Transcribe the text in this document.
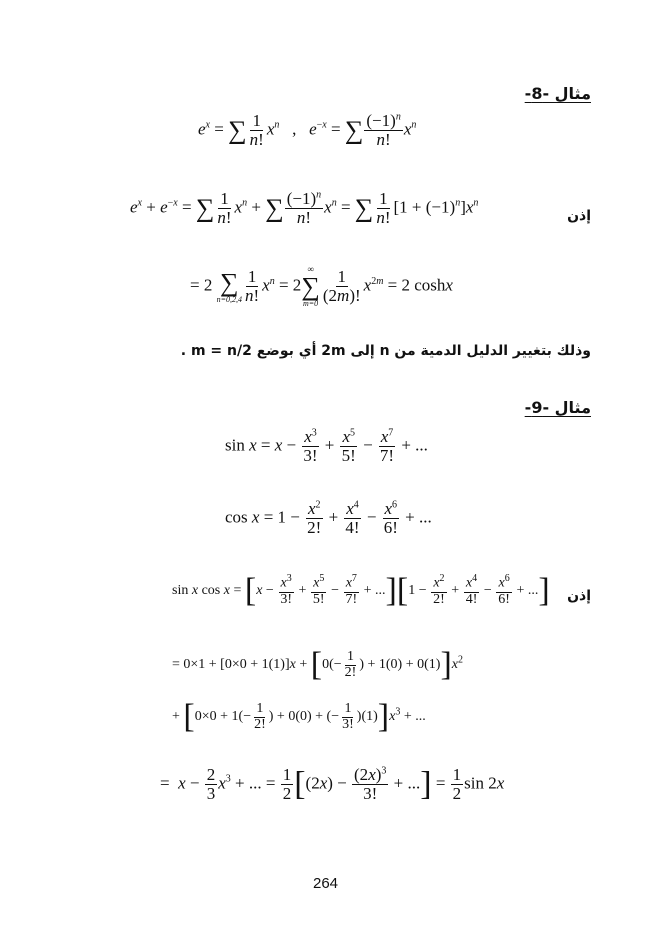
مثال -8-
$e^x$ = ∑ $\frac{1}{n!} x^n$   ,   $e^{-x}$ = ∑ $\frac{(-1)^n}{n!} x^n$
$e^x + e^{-x}$ = ∑ $\frac{1}{n!} x^n$ + ∑ $\frac{(-1)^n}{n!} x^n$ = ∑ $\frac{1}{n!} [1 + (-1)^n]x^n$
إذن
= 2 ∑
$n=0,2,4 \frac{1}{n!} x^n = 2$
∞
∑
$m=0 \frac{1}{(2m)!} x^{2m} = 2$ coshx
وذلك بتغيير الدليل الدمية من n إلى 2m أي بوضع m = n/2 .
مثال -9-
$\sin x = x - \frac{x^3}{3!} + \frac{x^5}{5!} - \frac{x^7}{7!}$ + ...
$\cos x = 1 - \frac{x^2}{2!} + \frac{x^4}{4!} - \frac{x^6}{6!}$ + ...
sin x $\cos x = [x - \frac{x^3}{3!} + \frac{x^5}{5!} - \frac{x^7}{7!} + ...][1 - \frac{x^2}{2!} + \frac{x^4}{4!} - \frac{x^6}{6!}$ + ...] إذن
= $0\times 1 + [0\times 0 + 1(1)]x + [0(- \frac{1}{2!}$ ) + $1(0) + 0(1)]x^2$
+ [$0\times 0 + 1(- \frac{1}{2!}$ ) + 0(0) + (− $\frac{1}{3!} )(1)]x^3$ + ...
=  $x - \frac{2}{3} x^3$ + ... = $\frac{1}{2} [(2x) - \frac{(2x)^3}{3!}$ + ...] = $\frac{1}{2}$ sin 2x
264
